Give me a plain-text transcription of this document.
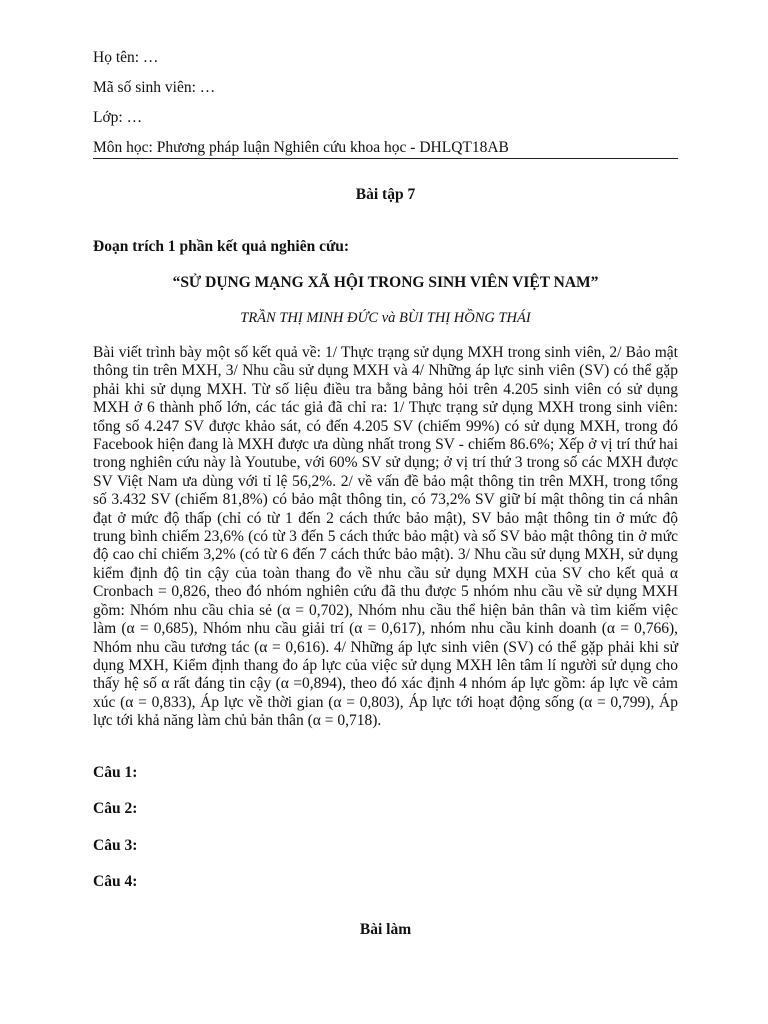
Họ tên: …
Mã số sinh viên: …
Lớp: …
Môn học: Phương pháp luận Nghiên cứu khoa học - DHLQT18AB
Bài tập 7
Đoạn trích 1 phần kết quả nghiên cứu:
“SỬ DỤNG MẠNG XÃ HỘI TRONG SINH VIÊN VIỆT NAM”
TRẦN THỊ MINH ĐỨC và BÙI THỊ HỒNG THÁI

Bài viết trình bày một số kết quả về: 1/ Thực trạng sử dụng MXH trong sinh viên, 2/ Bảo mật thông tin trên MXH, 3/ Nhu cầu sử dụng MXH và 4/ Những áp lực sinh viên (SV) có thể gặp phải khi sử dụng MXH. Từ số liệu điều tra bằng bảng hỏi trên 4.205 sinh viên có sử dụng MXH ở 6 thành phố lớn, các tác giả đã chỉ ra: 1/ Thực trạng sử dụng MXH trong sinh viên: tổng số 4.247 SV được khảo sát, có đến 4.205 SV (chiếm 99%) có sử dụng MXH, trong đó Facebook hiện đang là MXH được ưa dùng nhất trong SV - chiếm 86.6%; Xếp ở vị trí thứ hai trong nghiên cứu này là Youtube, với 60% SV sử dụng; ở vị trí thứ 3 trong số các MXH được SV Việt Nam ưa dùng với tỉ lệ 56,2%. 2/ về vấn đề bảo mật thông tin trên MXH, trong tổng số 3.432 SV (chiếm 81,8%) có bảo mật thông tin, có 73,2% SV giữ bí mật thông tin cá nhân đạt ở mức độ thấp (chỉ có từ 1 đến 2 cách thức bảo mật), SV bảo mật thông tin ở mức độ trung bình chiếm 23,6% (có từ 3 đến 5 cách thức bảo mật) và số SV bảo mật thông tin ở mức độ cao chỉ chiếm 3,2% (có từ 6 đến 7 cách thức bảo mật). 3/ Nhu cầu sử dụng MXH, sử dụng kiểm định độ tin cậy của toàn thang đo về nhu cầu sử dụng MXH của SV cho kết quả α Cronbach = 0,826, theo đó nhóm nghiên cứu đã thu được 5 nhóm nhu cầu về sử dụng MXH gồm: Nhóm nhu cầu chia sẻ (α = 0,702), Nhóm nhu cầu thể hiện bản thân và tìm kiếm việc làm (α = 0,685), Nhóm nhu cầu giải trí (α = 0,617), nhóm nhu cầu kinh doanh (α = 0,766), Nhóm nhu cầu tương tác (α = 0,616). 4/ Những áp lực sinh viên (SV) có thể gặp phải khi sử dụng MXH, Kiểm định thang đo áp lực của việc sử dụng MXH lên tâm lí người sử dụng cho thấy hệ số α rất đáng tin cậy (α =0,894), theo đó xác định 4 nhóm áp lực gồm: áp lực về cảm xúc (α = 0,833), Áp lực về thời gian (α = 0,803), Áp lực tới hoạt động sống (α = 0,799), Áp lực tới khả năng làm chủ bản thân (α = 0,718).

Câu 1:
Câu 2:
Câu 3:
Câu 4:
Bài làm
